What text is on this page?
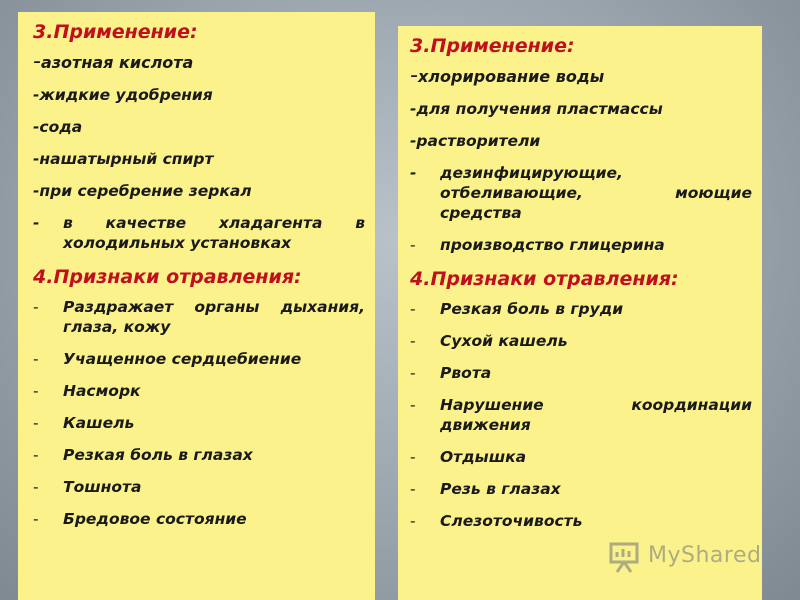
3.Применение:
-азотная кислота
-жидкие удобрения
-сода
-нашатырный спирт
-при серебрение зеркал
- в качестве хладагента в холодильных установках
4.Признаки отравления:
- Раздражает органы дыхания, глаза, кожу
- Учащенное сердцебиение
- Насморк
- Кашель
- Резкая боль в глазах
- Тошнота
- Бредовое состояние
3.Применение:
-хлорирование воды
-для получения пластмассы
-растворители
- дезинфицирующие, отбеливающие, моющие средства
- производство глицерина
4.Признаки отравления:
- Резкая боль в груди
- Сухой кашель
- Рвота
- Нарушение координации движения
- Отдышка
- Резь в глазах
- Слезоточивость
MyShared
